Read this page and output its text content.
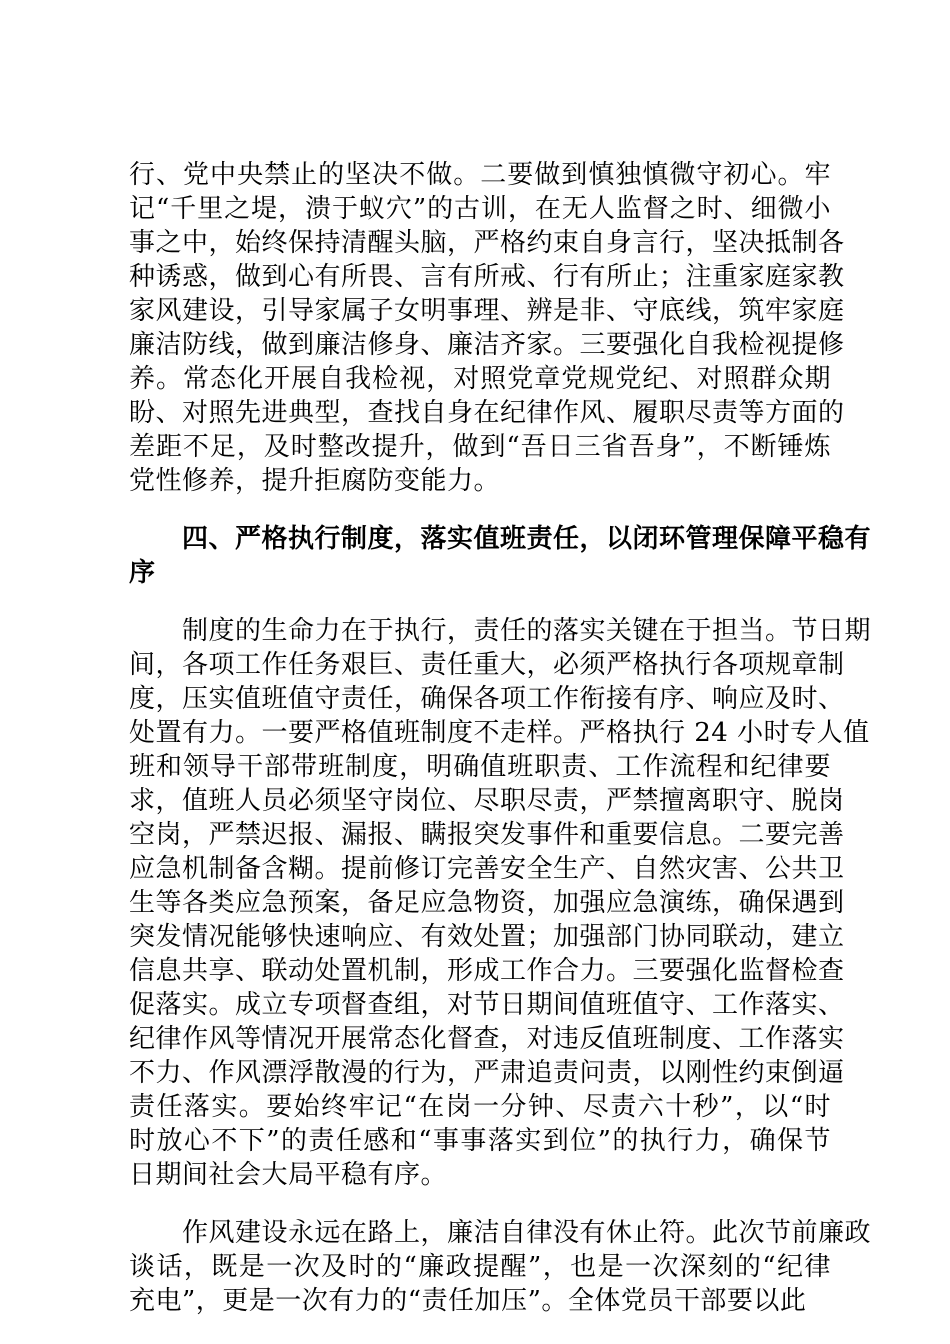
行、党中央禁止的坚决不做。二要做到慎独慎微守初心。牢
记“千里之堤，溃于蚁穴”的古训，在无人监督之时、细微小
事之中，始终保持清醒头脑，严格约束自身言行，坚决抵制各
种诱惑，做到心有所畏、言有所戒、行有所止；注重家庭家教
家风建设，引导家属子女明事理、辨是非、守底线，筑牢家庭
廉洁防线，做到廉洁修身、廉洁齐家。三要强化自我检视提修
养。常态化开展自我检视，对照党章党规党纪、对照群众期
盼、对照先进典型，查找自身在纪律作风、履职尽责等方面的
差距不足，及时整改提升，做到“吾日三省吾身”，不断锤炼
党性修养，提升拒腐防变能力。
　　四、严格执行制度，落实值班责任，以闭环管理保障平稳有
序
　　制度的生命力在于执行，责任的落实关键在于担当。节日期
间，各项工作任务艰巨、责任重大，必须严格执行各项规章制
度，压实值班值守责任，确保各项工作衔接有序、响应及时、
处置有力。一要严格值班制度不走样。严格执行 24 小时专人值
班和领导干部带班制度，明确值班职责、工作流程和纪律要
求，值班人员必须坚守岗位、尽职尽责，严禁擅离职守、脱岗
空岗，严禁迟报、漏报、瞒报突发事件和重要信息。二要完善
应急机制备含糊。提前修订完善安全生产、自然灾害、公共卫
生等各类应急预案，备足应急物资，加强应急演练，确保遇到
突发情况能够快速响应、有效处置；加强部门协同联动，建立
信息共享、联动处置机制，形成工作合力。三要强化监督检查
促落实。成立专项督查组，对节日期间值班值守、工作落实、
纪律作风等情况开展常态化督查，对违反值班制度、工作落实
不力、作风漂浮散漫的行为，严肃追责问责，以刚性约束倒逼
责任落实。要始终牢记“在岗一分钟、尽责六十秒”，以“时
时放心不下”的责任感和“事事落实到位”的执行力，确保节
日期间社会大局平稳有序。
　　作风建设永远在路上，廉洁自律没有休止符。此次节前廉政
谈话，既是一次及时的“廉政提醒”，也是一次深刻的“纪律
充电”，更是一次有力的“责任加压”。全体党员干部要以此
